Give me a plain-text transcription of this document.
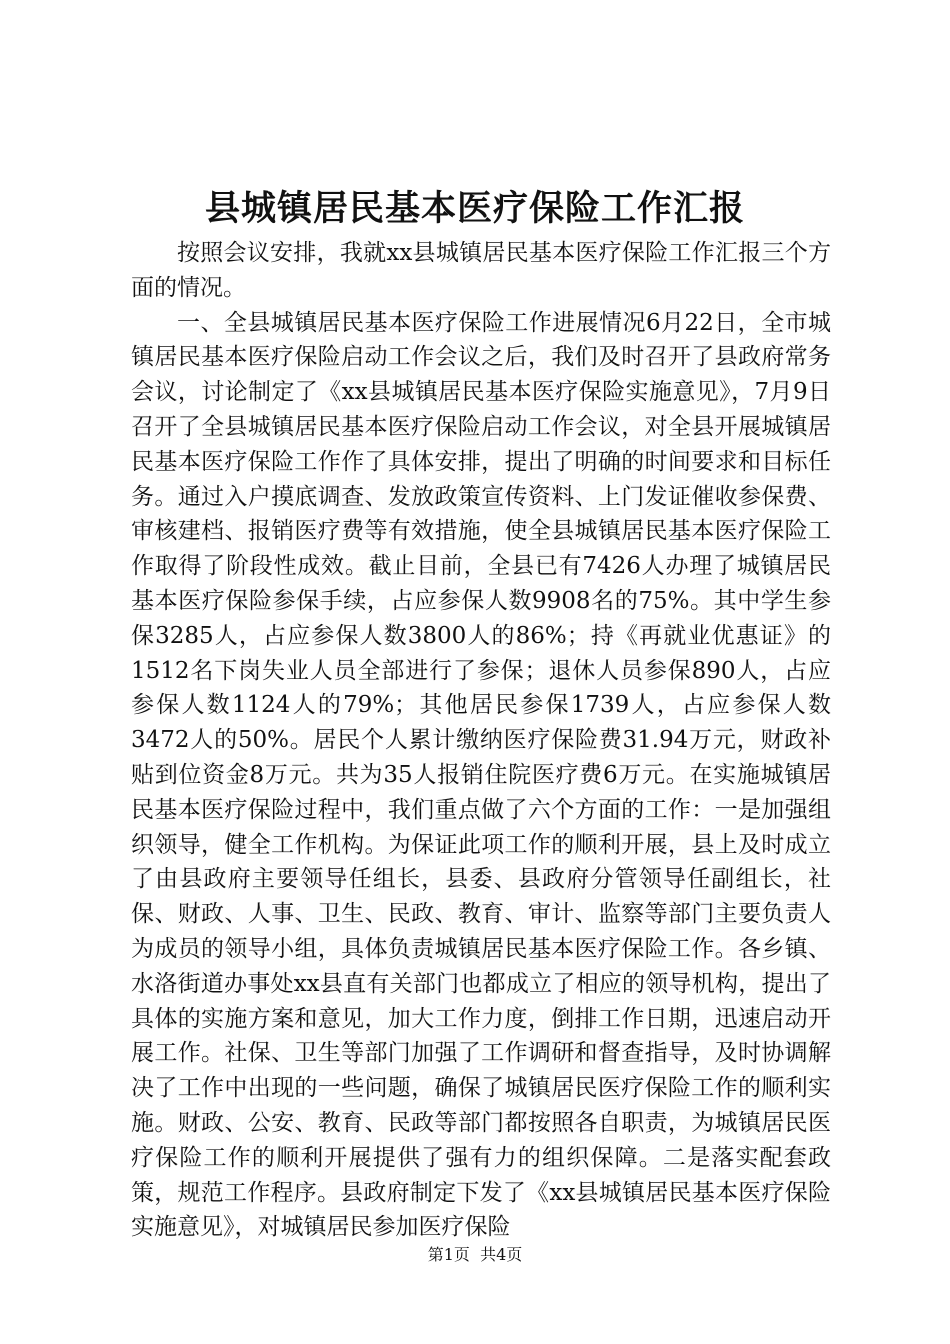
县城镇居民基本医疗保险工作汇报

按照会议安排，我就xx县城镇居民基本医疗保险工作汇报三个方面的情况。

一、全县城镇居民基本医疗保险工作进展情况6月22日，全市城镇居民基本医疗保险启动工作会议之后，我们及时召开了县政府常务会议，讨论制定了《xx县城镇居民基本医疗保险实施意见》，7月9日召开了全县城镇居民基本医疗保险启动工作会议，对全县开展城镇居民基本医疗保险工作作了具体安排，提出了明确的时间要求和目标任务。通过入户摸底调查、发放政策宣传资料、上门发证催收参保费、审核建档、报销医疗费等有效措施，使全县城镇居民基本医疗保险工作取得了阶段性成效。截止目前，全县已有7426人办理了城镇居民基本医疗保险参保手续，占应参保人数9908名的75%。其中学生参保3285人，占应参保人数3800人的86%；持《再就业优惠证》的1512名下岗失业人员全部进行了参保；退休人员参保890人，占应参保人数1124人的79%；其他居民参保1739人，占应参保人数3472人的50%。居民个人累计缴纳医疗保险费31.94万元，财政补贴到位资金8万元。共为35人报销住院医疗费6万元。在实施城镇居民基本医疗保险过程中，我们重点做了六个方面的工作：一是加强组织领导，健全工作机构。为保证此项工作的顺利开展，县上及时成立了由县政府主要领导任组长，县委、县政府分管领导任副组长，社保、财政、人事、卫生、民政、教育、审计、监察等部门主要负责人为成员的领导小组，具体负责城镇居民基本医疗保险工作。各乡镇、水洛街道办事处xx县直有关部门也都成立了相应的领导机构，提出了具体的实施方案和意见，加大工作力度，倒排工作日期，迅速启动开展工作。社保、卫生等部门加强了工作调研和督查指导，及时协调解决了工作中出现的一些问题，确保了城镇居民医疗保险工作的顺利实施。财政、公安、教育、民政等部门都按照各自职责，为城镇居民医疗保险工作的顺利开展提供了强有力的组织保障。二是落实配套政策，规范工作程序。县政府制定下发了《xx县城镇居民基本医疗保险实施意见》，对城镇居民参加医疗保险

第1页 共4页
